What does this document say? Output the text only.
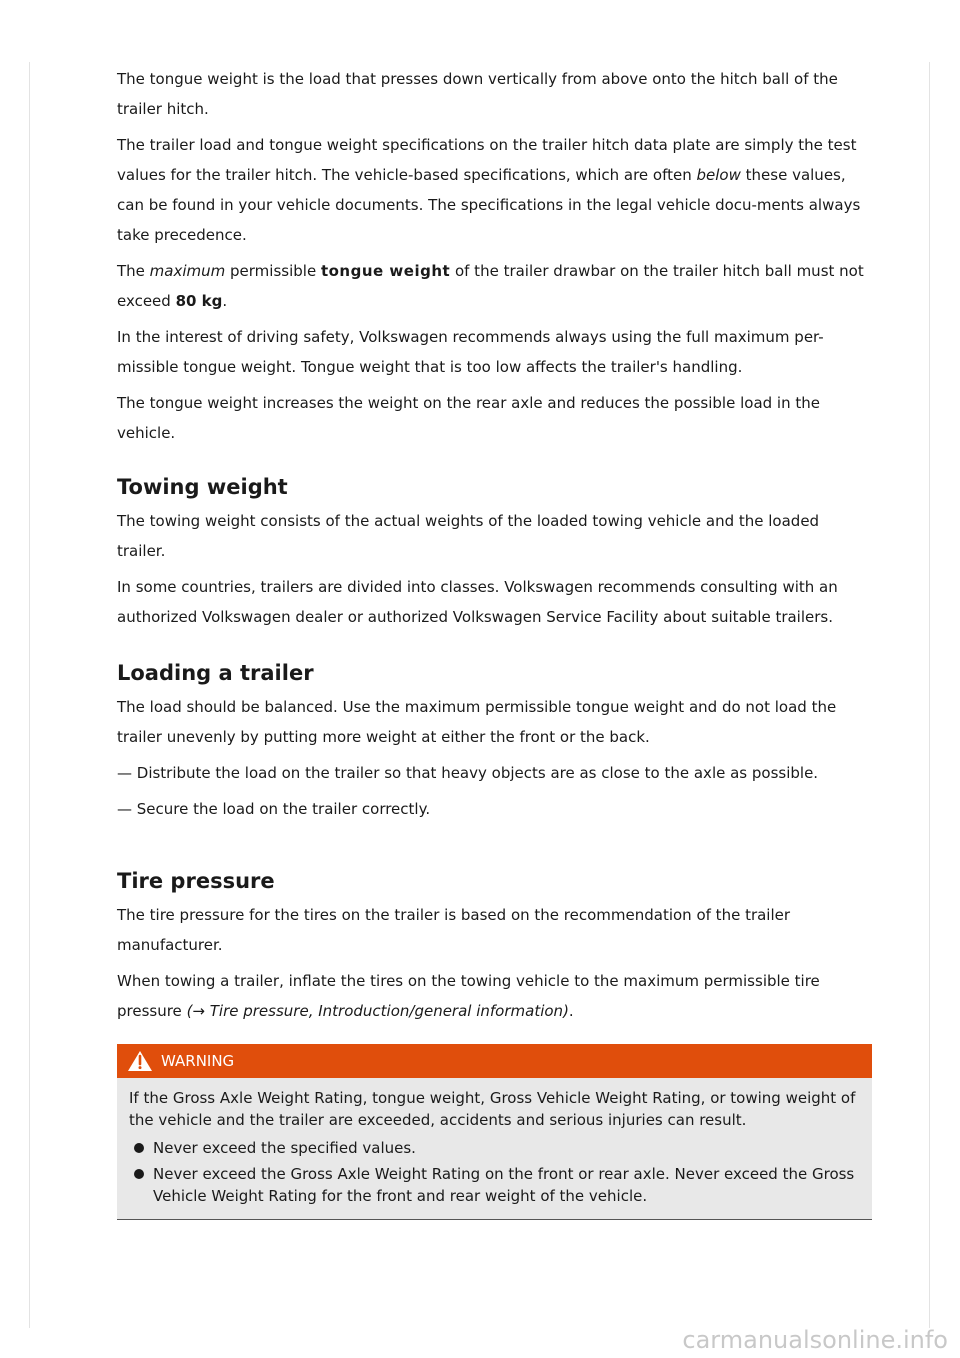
The tongue weight is the load that presses down vertically from above onto the hitch ball of the trailer hitch.

The trailer load and tongue weight specifications on the trailer hitch data plate are simply the test values for the trailer hitch. The vehicle-based specifications, which are often below these values, can be found in your vehicle documents. The specifications in the legal vehicle docu-ments always take precedence.

The maximum permissible tongue weight of the trailer drawbar on the trailer hitch ball must not exceed 80 kg.

In the interest of driving safety, Volkswagen recommends always using the full maximum per-missible tongue weight. Tongue weight that is too low affects the trailer's handling.

The tongue weight increases the weight on the rear axle and reduces the possible load in the vehicle.

Towing weight

The towing weight consists of the actual weights of the loaded towing vehicle and the loaded trailer.

In some countries, trailers are divided into classes. Volkswagen recommends consulting with an authorized Volkswagen dealer or authorized Volkswagen Service Facility about suitable trailers.

Loading a trailer

The load should be balanced. Use the maximum permissible tongue weight and do not load the trailer unevenly by putting more weight at either the front or the back.

— Distribute the load on the trailer so that heavy objects are as close to the axle as possible.

— Secure the load on the trailer correctly.

Tire pressure

The tire pressure for the tires on the trailer is based on the recommendation of the trailer manufacturer.

When towing a trailer, inflate the tires on the towing vehicle to the maximum permissible tire pressure (→ Tire pressure, Introduction/general information).

WARNING

If the Gross Axle Weight Rating, tongue weight, Gross Vehicle Weight Rating, or towing weight of the vehicle and the trailer are exceeded, accidents and serious injuries can result.

Never exceed the specified values.
Never exceed the Gross Axle Weight Rating on the front or rear axle. Never exceed the Gross Vehicle Weight Rating for the front and rear weight of the vehicle.
carmanualsonline.info
